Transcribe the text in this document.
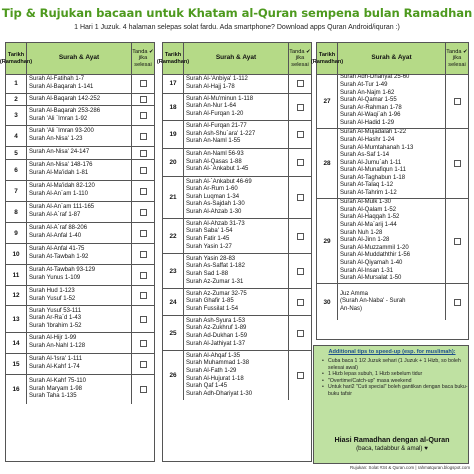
Tip & Rujukan bacaan untuk Khatam al-Quran sempena bulan Ramadhan
1 Hari 1 Juzuk. 4 halaman selepas solat fardu. Ada smartphone? Download apps Quran Android/iquran :)
Tarikh
(Ramadhan)
Surah & Ayat
Tanda ✔
jika selesai
1
Surah Al-Fatihah 1-7
Surah Al-Baqarah 1-141
2	Surah Al-Baqarah 142-252
3
Surah Al-Baqarah 253-286
Surah 'Ali `Imran 1-92
4
Surah 'Ali `Imran 93-200
Surah An-Nisa' 1-23
5	Surah An-Nisa' 24-147
6
Surah An-Nisa' 148-176
Surah Al-Ma'idah 1-81
7
Surah Al-Ma'idah 82-120
Surah Al-An`am 1-110
8
Surah Al-An`am 111-165
Surah Al-A`raf 1-87
9
Surah Al-A`raf 88-206
Surah Al-Anfal 1-40
10
Surah Al-Anfal 41-75
Surah At-Tawbah 1-92
11
Surah At-Tawbah 93-129
Surah Yunus 1-109
12
Surah Hud 1-123
Surah Yusuf 1-52
13
Surah Yusuf 53-111
Surah Ar-Ra`d 1-43
Surah 'Ibrahim 1-52
14
Surah Al-Hijr 1-99
Surah An-Nahl 1-128
15
Surah Al-'Isra' 1-111
Surah Al-Kahf 1-74
16
Surah Al-Kahf 75-110
Surah Maryam 1-98
Surah Taha 1-135
Tarikh
(Ramadhan)
Surah & Ayat
Tanda ✔
jika selesai
17
Surah Al-'Anbiya' 1-112
Surah Al-Hajj 1-78
18
Surah Al-Mu'minun 1-118
Surah An-Nur 1-64
Surah Al-Furqan 1-20
19
Surah Al-Furqan 21-77
Surah Ash-Shu`ara' 1-227
Surah An-Naml 1-55
20
Surah An-Naml 56-93
Surah Al-Qasas 1-88
Surah Al-`Ankabut 1-45
21
Surah Al-`Ankabut 46-69
Surah Ar-Rum 1-60
Surah Luqman 1-34
Surah As-Sajdah 1-30
Surah Al-Ahzab 1-30
22
Surah Al-Ahzab 31-73
Surah Saba' 1-54
Surah Fatir 1-45
Surah Yasin 1-27
23
Surah Yasin 28-83
Surah As-Saffat 1-182
Surah Sad 1-88
Surah Az-Zumar 1-31
24
Surah Az-Zumar 32-75
Surah Ghafir 1-85
Surah Fussilat 1-54
25
Surah Ash-Syura 1-53
Surah Az-Zukhruf 1-89
Surah Ad-Dukhan 1-59
Surah Al-Jathiyat 1-37
26
Surah Al-Ahqaf 1-35
Surah Muhammad 1-38
Surah Al-Fath 1-29
Surah Al-Hujurat 1-18
Surah Qaf 1-45
Surah Adh-Dhariyat 1-30
Tarikh
(Ramadhan)
Surah & Ayat
Tanda ✔
jika selesai
27
Surah Adh-Dhariyat 25-60
Surah At-Tur 1-49
Surah An-Najm 1-62
Surah Al-Qamar 1-55
Surah Ar-Rahman 1-78
Surah Al-Waqi`ah 1-96
Surah Al-Hadid 1-29
28
Surah Al-Mujadalah 1-22
Surah Al-Hashr 1-24
Surah Al-Mumtahanah 1-13
Surah As-Saf 1-14
Surah Al-Jumu`ah 1-11
Surah Al-Munafiqun 1-11
Surah At-Taghabun 1-18
Surah At-Talaq 1-12
Surah At-Tahrim 1-12
29
Surah Al-Mulk 1-30
Surah Al-Qalam 1-52
Surah Al-Haqqah 1-52
Surah Al-Ma`arij 1-44
Surah Nuh 1-28
Surah Al-Jinn 1-28
Surah Al-Muzzammil 1-20
Surah Al-Muddaththir 1-56
Surah Al-Qiyamah 1-40
Surah Al-Insan 1-31
Surah Al-Mursalat 1-50
30
Juz Amma
(Surah An-Naba' - Surah
An-Nas)
Additional tips to speed-up (esp. for muslimah):
• Cuba baca 1 1/2 Juzuk sehari (1 Juzuk + 1 Hizb, so boleh selesai awal)
• 1 Hizb lepas subuh, 1 Hizb sebelum tidur
• "Overtime/Catch-up" masa weekend
• Untuk hari2 "Cuti special" boleh gantikan dengan baca buku-buku tafsir
Hiasi Ramadhan dengan al-Quran
(baca, tadabbur & amal) ♥
Rujukan: Solat #34 & Quran.com | rahmatquran.blogspot.com
